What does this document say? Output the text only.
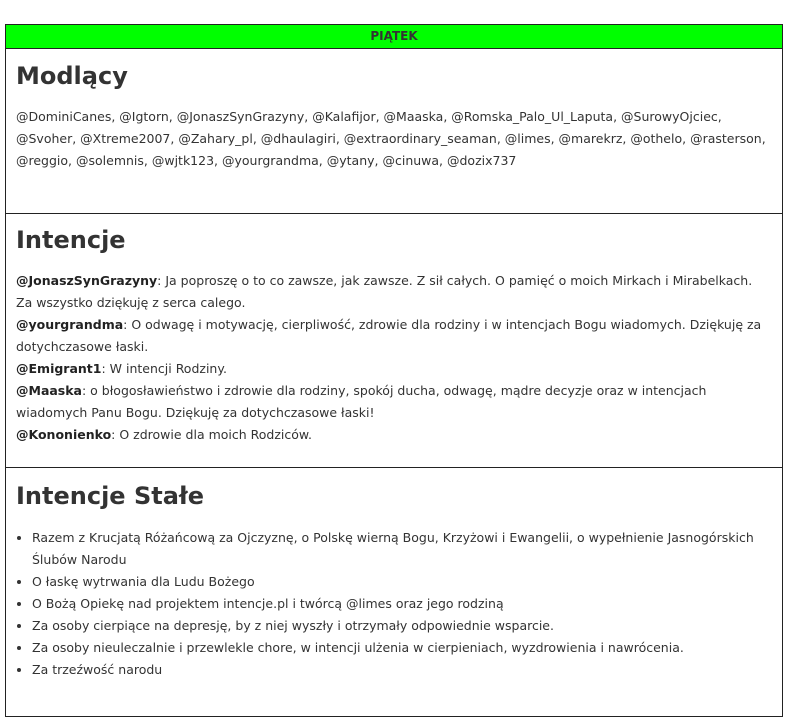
PIĄTEK
Modlący
@DominiCanes, @Igtorn, @JonaszSynGrazyny, @Kalafijor, @Maaska, @Romska_Palo_Ul_Laputa, @SurowyOjciec, @Svoher, @Xtreme2007, @Zahary_pl, @dhaulagiri, @extraordinary_seaman, @limes, @marekrz, @othelo, @rasterson, @reggio, @solemnis, @wjtk123, @yourgrandma, @ytany, @cinuwa, @dozix737
Intencje
@JonaszSynGrazyny: Ja poproszę o to co zawsze, jak zawsze. Z sił całych. O pamięć o moich Mirkach i Mirabelkach. Za wszystko dziękuję z serca calego.
@yourgrandma: O odwagę i motywację, cierpliwość, zdrowie dla rodziny i w intencjach Bogu wiadomych. Dziękuję za dotychczasowe łaski.
@Emigrant1: W intencji Rodziny.
@Maaska: o błogosławieństwo i zdrowie dla rodziny, spokój ducha, odwagę, mądre decyzje oraz w intencjach wiadomych Panu Bogu. Dziękuję za dotychczasowe łaski!
@Kononienko: O zdrowie dla moich Rodziców.
Intencje Stałe
• Razem z Krucjatą Różańcową za Ojczyznę, o Polskę wierną Bogu, Krzyżowi i Ewangelii, o wypełnienie Jasnogórskich Ślubów Narodu
• O łaskę wytrwania dla Ludu Bożego
• O Bożą Opiekę nad projektem intencje.pl i twórcą @limes oraz jego rodziną
• Za osoby cierpiące na depresję, by z niej wyszły i otrzymały odpowiednie wsparcie.
• Za osoby nieuleczalnie i przewlekle chore, w intencji ulżenia w cierpieniach, wyzdrowienia i nawrócenia.
• Za trzeźwość narodu
